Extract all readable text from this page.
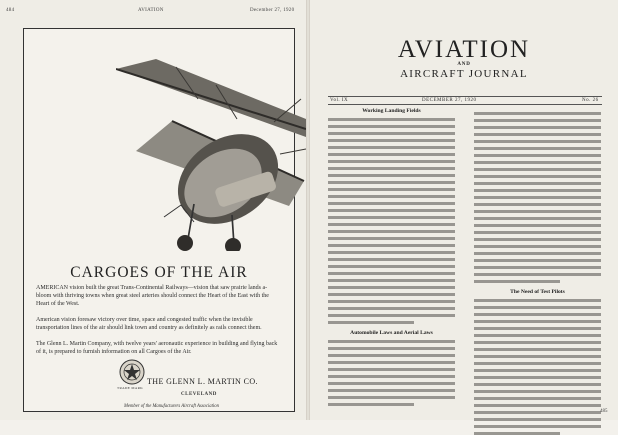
484	AVIATION	December 27, 1920
CARGOES OF THE AIR
AMERICAN vision built the great Trans-Continental Railways—vision that saw prairie lands a-bloom with thriving towns when great steel arteries should connect the Heart of the East with the Heart of the West.
American vision foresaw victory over time, space and congested traffic when the invisible transportation lines of the air should link town and country as definitely as rails connect them.
The Glenn L. Martin Company, with twelve years' aeronautic experience in building and flying back of it, is prepared to furnish information on all Cargoes of the Air.
TRADE MARK
THE GLENN L. MARTIN CO.
CLEVELAND
Member of the Manufacturers Aircraft Association
AVIATION
AND
AIRCRAFT JOURNAL
Vol. IX	DECEMBER 27, 1920	No. 26
Working Landing Fields
Automobile Laws and Aerial Laws
The Need of Test Pilots
485
